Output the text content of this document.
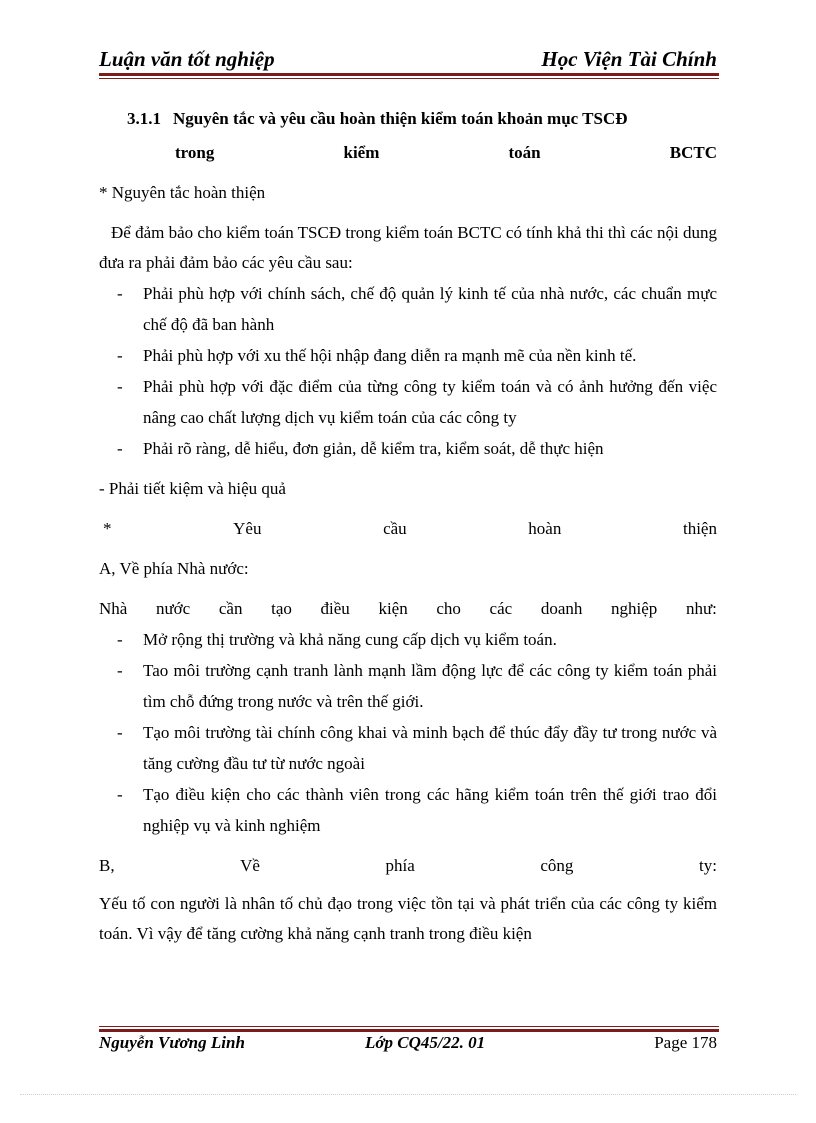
Luận văn tốt nghiệp	Học Viện Tài Chính
3.1.1 Nguyên tắc và yêu cầu hoàn thiện kiểm toán khoản mục TSCĐ
trong	kiểm	toán	BCTC

* Nguyên tắc hoàn thiện

Để đảm bảo cho kiểm toán TSCĐ trong kiểm toán BCTC có tính khả thi thì các nội dung đưa ra phải đảm bảo các yêu cầu sau:

- Phải phù hợp với chính sách, chế độ quản lý kinh tế của nhà nước, các chuẩn mực chế độ đã ban hành
- Phải phù hợp với xu thế hội nhập đang diễn ra mạnh mẽ của nền kinh tế.
- Phải phù hợp với đặc điểm của từng công ty kiểm toán và có ảnh hưởng đến việc nâng cao chất lượng dịch vụ kiểm toán của các công ty
- Phải rõ ràng, dễ hiểu, đơn giản, dễ kiểm tra, kiểm soát, dễ thực hiện

- Phải tiết kiệm và hiệu quả

*	Yêu	cầu	hoàn	thiện

A, Về phía Nhà nước:

Nhà nước cần tạo điều kiện cho các doanh nghiệp như:
- Mở rộng thị trường và khả năng cung cấp dịch vụ kiểm toán.
- Tao môi trường cạnh tranh lành mạnh lầm động lực để các công ty kiểm toán phải tìm chỗ đứng trong nước và trên thế giới.
- Tạo môi trường tài chính công khai và minh bạch để thúc đẩy đầy tư trong nước và tăng cường đầu tư từ nước ngoài
- Tạo điều kiện cho các thành viên trong các hãng kiểm toán trên thế giới trao đổi nghiệp vụ và kinh nghiệm
B,	Về	phía	công	ty:

Yếu tố con người là nhân tố chủ đạo trong việc tồn tại và phát triển của các công ty kiểm toán. Vì vậy để tăng cường khả năng cạnh tranh trong điều kiện

Nguyễn Vương Linh	Lớp CQ45/22. 01	Page 178
